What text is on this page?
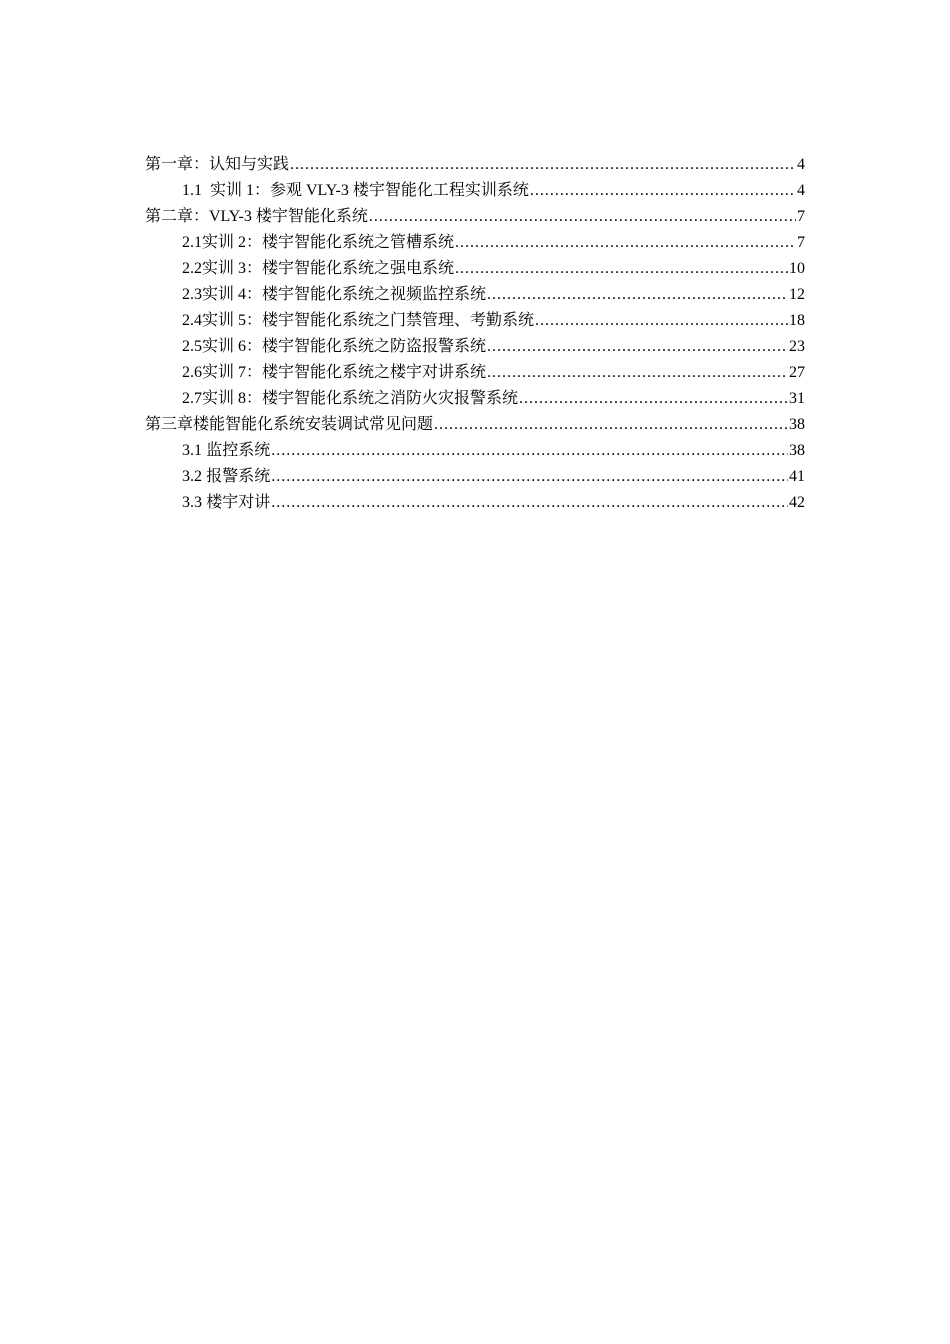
第一章：认知与实践 .....	4
1.1 实训 1：参观 VLY-3 楼宇智能化工程实训系统 .....	4
第二章：VLY-3 楼宇智能化系统 .....	7
2.1 实训 2：楼宇智能化系统之管槽系统 .....	7
2.2 实训 3：楼宇智能化系统之强电系统 .....	10
2.3 实训 4：楼宇智能化系统之视频监控系统 .....	12
2.4 实训 5：楼宇智能化系统之门禁管理、考勤系统 .....	18
2.5 实训 6：楼宇智能化系统之防盗报警系统 .....	23
2.6 实训 7：楼宇智能化系统之楼宇对讲系统 .....	27
2.7 实训 8：楼宇智能化系统之消防火灾报警系统 .....	31
第三章楼能智能化系统安装调试常见问题 .....	38
3.1 监控系统 .....	38
3.2 报警系统 .....	41
3.3 楼宇对讲 .....	42
